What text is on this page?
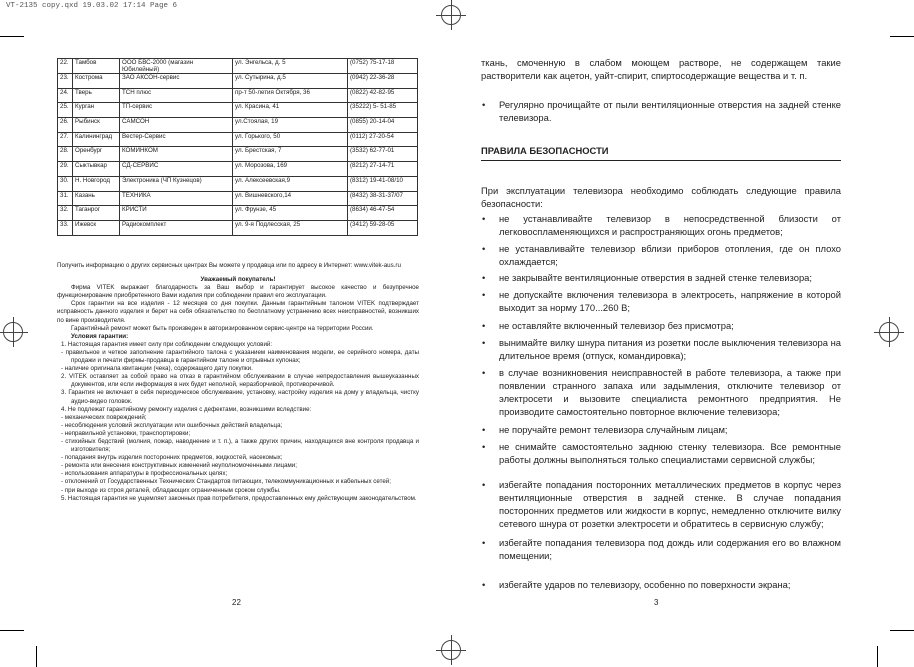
VT-2135 copy.qxd 19.03.02 17:14 Page 6
22.	Тамбов	ООО БВС-2000 (магазин Юбилейный)	ул. Энгельса, д. 5	(0752) 75-17-18
23.	Кострома	ЗАО АКСОН-сервис	ул. Сутырина, д.5	(0942) 22-36-28
24.	Тверь	ТСН плюс	пр-т 50-летия Октября, 36	(0822) 42-82-95
25.	Курган	ТП-сервис	ул. Красина, 41	(35222) 5- 51-85
26.	Рыбинск	САМСОН	ул.Стоялая, 19	(0855) 20-14-04
27.	Калининград	Вестер-Сервис	ул. Горького, 50	(0112) 27-20-54
28.	Оренбург	КОМИНКОМ	ул. Брестская, 7	(3532) 62-77-01
29.	Сыктывкар	СД-СЕРВИС	ул. Морозова, 169	(8212) 27-14-71
30.	Н. Новгород	Электроника (ЧП Кузнецов)	ул. Алексеевская,9	(8312) 19-41-08/10
31.	Казань	ТЕХНИКА	ул. Вишневского,14	(8432) 38-31-37/07
32.	Таганрог	КРИСТИ	ул. Фрунзе, 45	(8634) 46-47-54
33.	Ижевск	Радиокомплект	ул. 9-я Подлесская, 25	(3412) 59-28-05

Получить информацию о других сервисных центрах Вы можете у продавца или по адресу в Интернет: www.vitek-aus.ru

Уважаемый покупатель!

Фирма VITEK выражает благодарность за Ваш выбор и гарантирует высокое качество и безупречное функционирование приобретенного Вами изделия при соблюдении правил его эксплуатации.

Срок гарантии на все изделия - 12 месяцев со дня покупки. Данным гарантийным талоном VITEK подтверждает исправность данного изделия и берет на себя обязательство по бесплатному устранению всех неисправностей, возникших по вине производителя.

Гарантийный ремонт может быть произведен в авторизированном сервис-центре на территории России.

Условия гарантии:

1. Настоящая гарантия имеет силу при соблюдении следующих условий:

- правильное и четкое заполнение гарантийного талона с указанием наименования модели, ее серийного номера, даты продажи и печати фирмы-продавца в гарантийном талоне и отрывных купонах;

- наличие оригинала квитанции (чека), содержащего дату покупки.

2. VITEK оставляет за собой право на отказ в гарантийном обслуживании в случае непредоставления вышеуказанных документов, или если информация в них будет неполной, неразборчивой, противоречивой.

3. Гарантия не включает в себя периодическое обслуживание, установку, настройку изделия на дому у владельца, чистку аудио-видео головок.

4. Не подлежат гарантийному ремонту изделия с дефектами, возникшими вследствие:

- механических повреждений;

- несоблюдения условий эксплуатации или ошибочных действий владельца;

- неправильной установки, транспортировки;

- стихийных бедствий (молния, пожар, наводнение и т. п.), а также других причин, находящихся вне контроля продавца и изготовителя;

- попадания внутрь изделия посторонних предметов, жидкостей, насекомых;

- ремонта или внесения конструктивных изменений неуполномоченными лицами;

- использования аппаратуры в профессиональных целях;

- отклонений от Государственных Технических Стандартов питающих, телекоммуникационных и кабельных сетей;

- при выходе из строя деталей, обладающих ограниченным сроком службы.

5. Настоящая гарантия не ущемляет законных прав потребителя, предоставленных ему действующим законодательством.

22
ткань, смоченную в слабом моющем растворе, не содержащем такие растворители как ацетон, уайт-спирит, спиртосодержащие вещества и т. п.
• Регулярно прочищайте от пыли вентиляционные отверстия на задней стенке телевизора.
ПРАВИЛА БЕЗОПАСНОСТИ
При эксплуатации телевизора необходимо соблюдать следующие правила безопасности:
• не устанавливайте телевизор в непосредственной близости от легковоспламеняющихся и распространяющих огонь предметов;
• не устанавливайте телевизор вблизи приборов отопления, где он плохо охлаждается;
• не закрывайте вентиляционные отверстия в задней стенке телевизора;
• не допускайте включения телевизора в электросеть, напряжение в которой выходит за норму 170...260 В;
• не оставляйте включенный телевизор без присмотра;
• вынимайте вилку шнура питания из розетки после выключения телевизора на длительное время (отпуск, командировка);
• в случае возникновения неисправностей в работе телевизора, а также при появлении странного запаха или задымления, отключите телевизор от электросети и вызовите специалиста ремонтного предприятия. Не производите самостоятельно повторное включение телевизора;
• не поручайте ремонт телевизора случайным лицам;
• не снимайте самостоятельно заднюю стенку телевизора. Все ремонтные работы должны выполняться только специалистами сервисной службы;
• избегайте попадания посторонних металлических предметов в корпус через вентиляционные отверстия в задней стенке. В случае попадания посторонних предметов или жидкости в корпус, немедленно отключите вилку сетевого шнура от розетки электросети и обратитесь в сервисную службу;
• избегайте попадания телевизора под дождь или содержания его во влажном помещении;
• избегайте ударов по телевизору, особенно по поверхности экрана;
3
